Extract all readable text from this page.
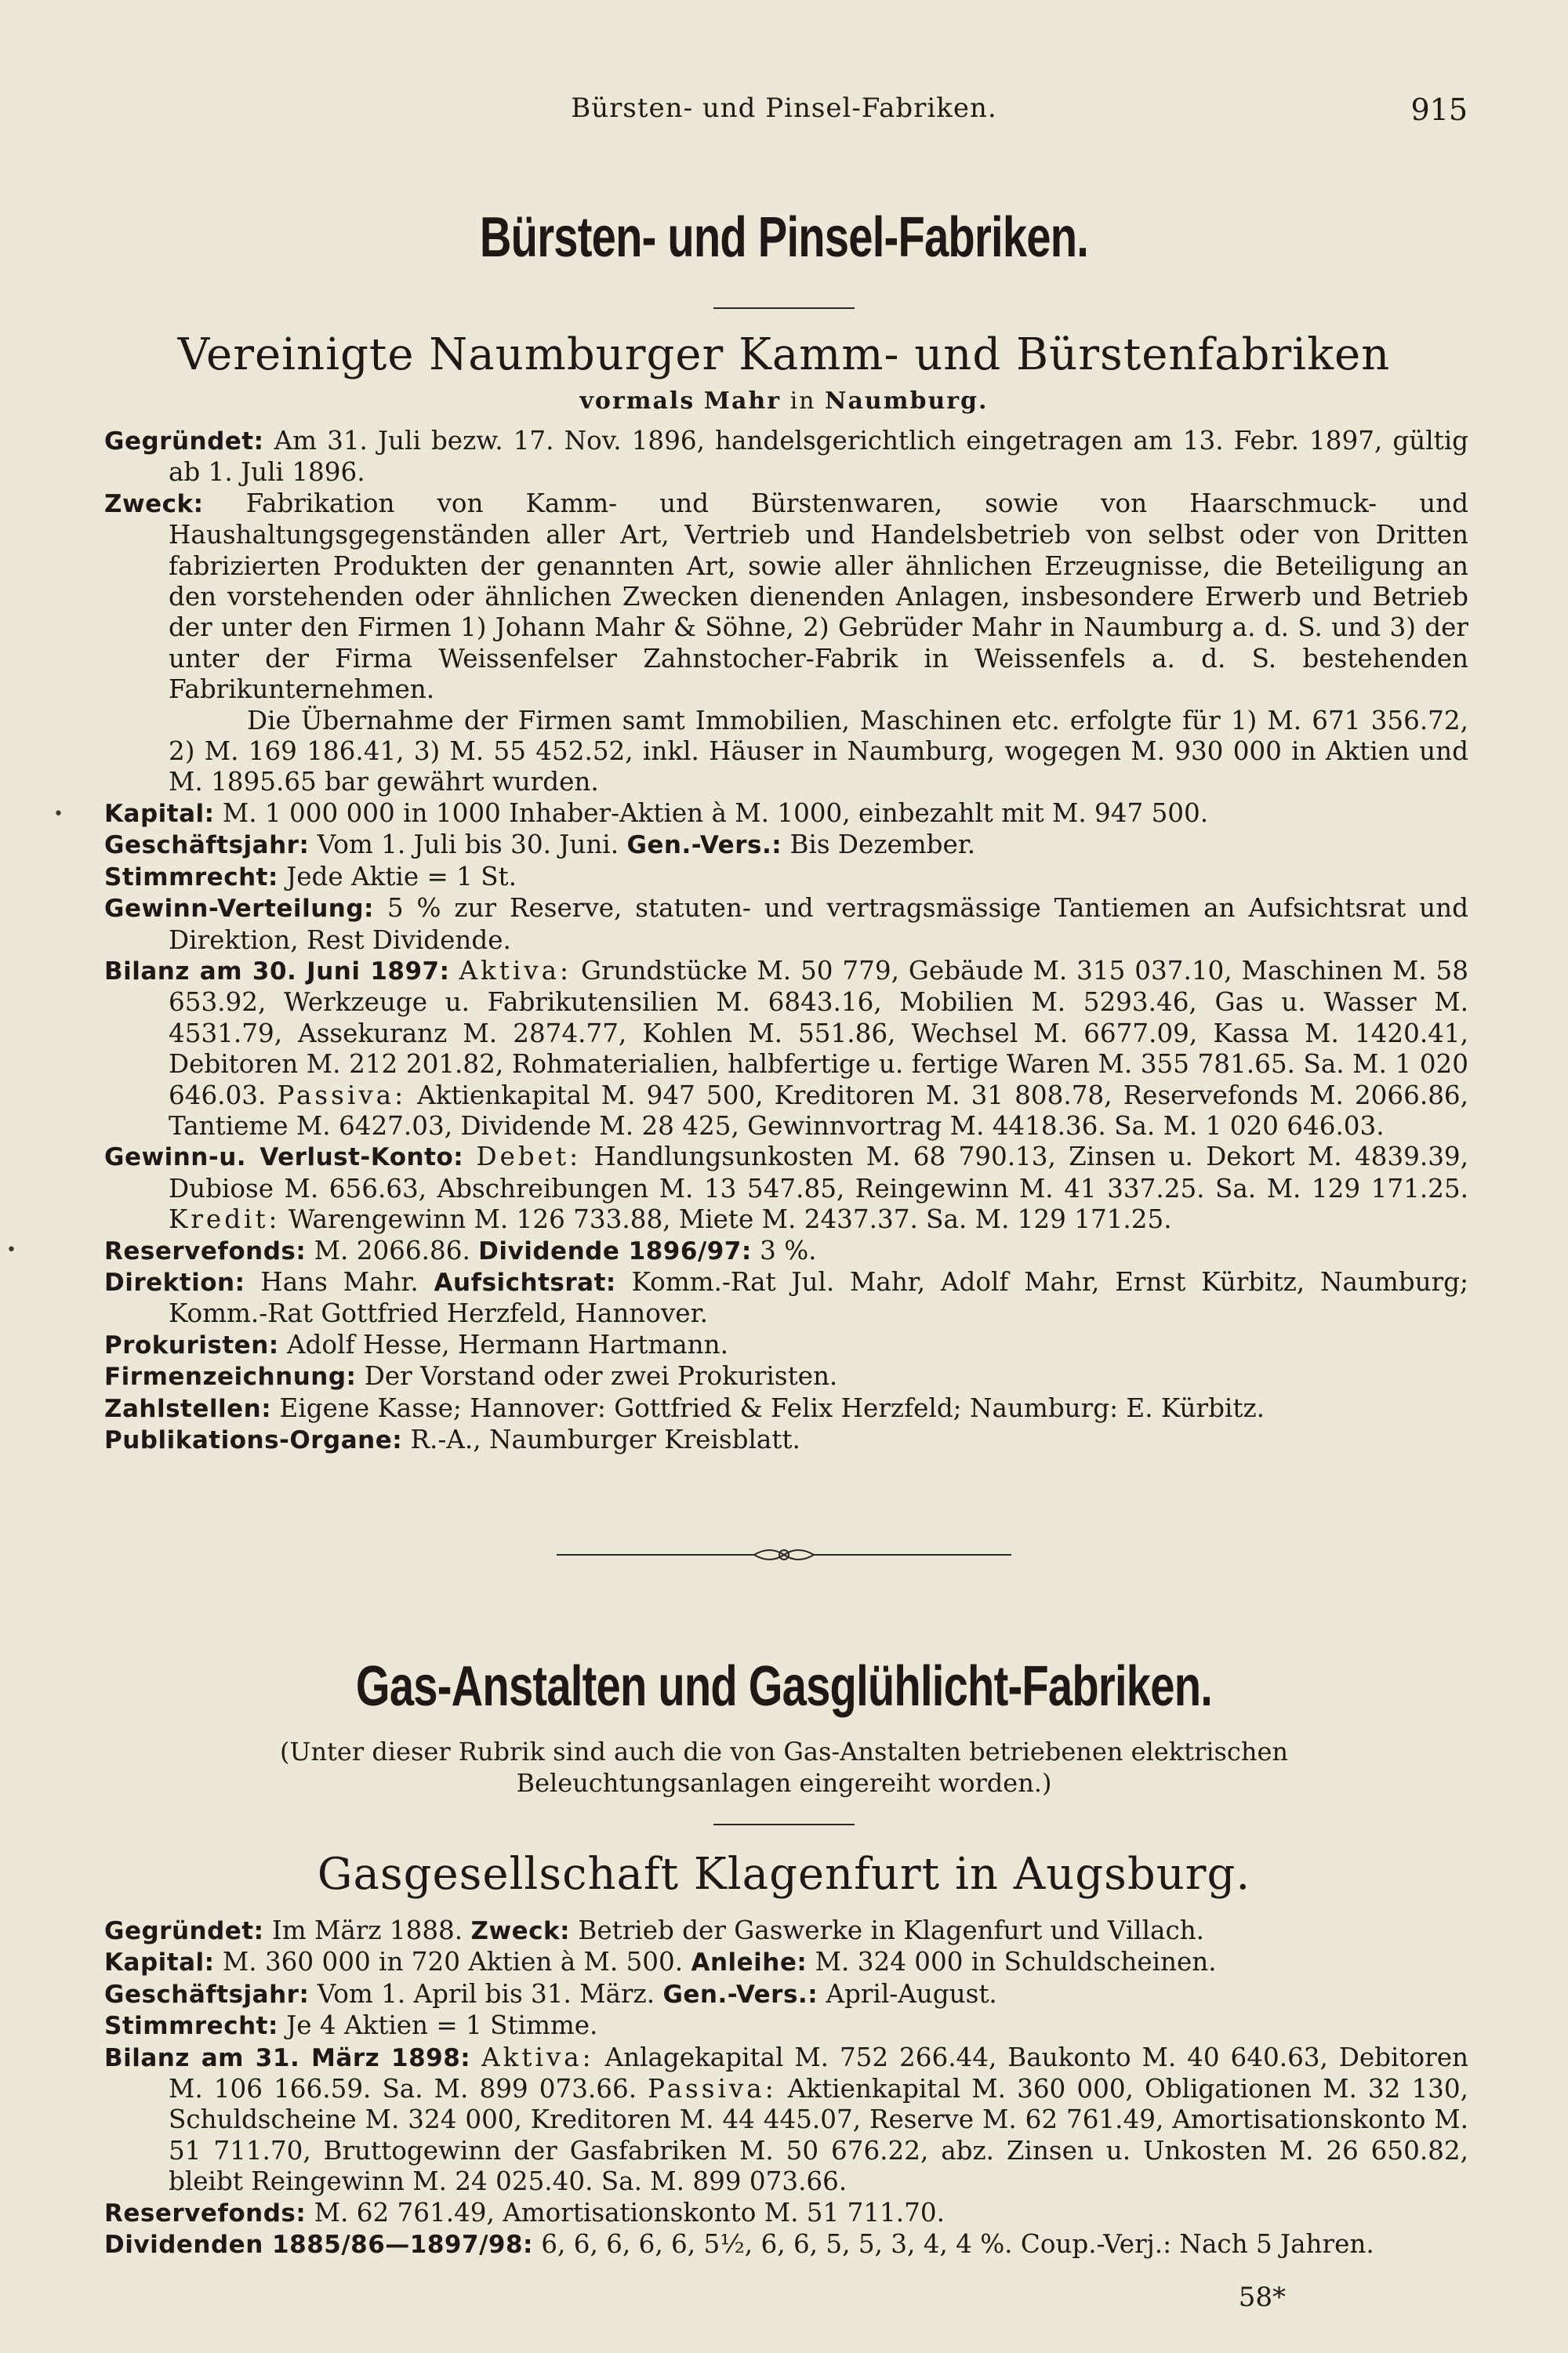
Bürsten- und Pinsel-Fabriken.	915
Bürsten- und Pinsel-Fabriken.
Vereinigte Naumburger Kamm- und Bürstenfabriken
vormals Mahr in Naumburg.

Gegründet: Am 31. Juli bezw. 17. Nov. 1896, handelsgerichtlich eingetragen am 13. Febr. 1897, gültig ab 1. Juli 1896.

Zweck: Fabrikation von Kamm- und Bürstenwaren, sowie von Haarschmuck- und Haushaltungsgegenständen aller Art, Vertrieb und Handelsbetrieb von selbst oder von Dritten fabrizierten Produkten der genannten Art, sowie aller ähnlichen Erzeugnisse, die Beteiligung an den vorstehenden oder ähnlichen Zwecken dienenden Anlagen, insbesondere Erwerb und Betrieb der unter den Firmen 1) Johann Mahr & Söhne, 2) Gebrüder Mahr in Naumburg a. d. S. und 3) der unter der Firma Weissenfelser Zahnstocher-Fabrik in Weissenfels a. d. S. bestehenden Fabrikunternehmen.

Die Übernahme der Firmen samt Immobilien, Maschinen etc. erfolgte für 1) M. 671 356.72, 2) M. 169 186.41, 3) M. 55 452.52, inkl. Häuser in Naumburg, wogegen M. 930 000 in Aktien und M. 1895.65 bar gewährt wurden.

Kapital: M. 1 000 000 in 1000 Inhaber-Aktien à M. 1000, einbezahlt mit M. 947 500.

Geschäftsjahr: Vom 1. Juli bis 30. Juni. Gen.-Vers.: Bis Dezember.

Stimmrecht: Jede Aktie = 1 St.

Gewinn-Verteilung: 5 % zur Reserve, statuten- und vertragsmässige Tantiemen an Aufsichtsrat und Direktion, Rest Dividende.

Bilanz am 30. Juni 1897: Aktiva: Grundstücke M. 50 779, Gebäude M. 315 037.10, Maschinen M. 58 653.92, Werkzeuge u. Fabrikutensilien M. 6843.16, Mobilien M. 5293.46, Gas u. Wasser M. 4531.79, Assekuranz M. 2874.77, Kohlen M. 551.86, Wechsel M. 6677.09, Kassa M. 1420.41, Debitoren M. 212 201.82, Rohmaterialien, halbfertige u. fertige Waren M. 355 781.65. Sa. M. 1 020 646.03. Passiva: Aktienkapital M. 947 500, Kreditoren M. 31 808.78, Reservefonds M. 2066.86, Tantieme M. 6427.03, Dividende M. 28 425, Gewinnvortrag M. 4418.36. Sa. M. 1 020 646.03.

Gewinn-u. Verlust-Konto: Debet: Handlungsunkosten M. 68 790.13, Zinsen u. Dekort M. 4839.39, Dubiose M. 656.63, Abschreibungen M. 13 547.85, Reingewinn M. 41 337.25. Sa. M. 129 171.25. Kredit: Warengewinn M. 126 733.88, Miete M. 2437.37. Sa. M. 129 171.25.

Reservefonds: M. 2066.86. Dividende 1896/97: 3 %.

Direktion: Hans Mahr. Aufsichtsrat: Komm.-Rat Jul. Mahr, Adolf Mahr, Ernst Kürbitz, Naumburg; Komm.-Rat Gottfried Herzfeld, Hannover.

Prokuristen: Adolf Hesse, Hermann Hartmann.

Firmenzeichnung: Der Vorstand oder zwei Prokuristen.

Zahlstellen: Eigene Kasse; Hannover: Gottfried & Felix Herzfeld; Naumburg: E. Kürbitz.

Publikations-Organe: R.-A., Naumburger Kreisblatt.

Gas-Anstalten und Gasglühlicht-Fabriken.
(Unter dieser Rubrik sind auch die von Gas-Anstalten betriebenen elektrischen Beleuchtungsanlagen eingereiht worden.)
Gasgesellschaft Klagenfurt in Augsburg.

Gegründet: Im März 1888. Zweck: Betrieb der Gaswerke in Klagenfurt und Villach.

Kapital: M. 360 000 in 720 Aktien à M. 500. Anleihe: M. 324 000 in Schuldscheinen.

Geschäftsjahr: Vom 1. April bis 31. März. Gen.-Vers.: April-August.

Stimmrecht: Je 4 Aktien = 1 Stimme.

Bilanz am 31. März 1898: Aktiva: Anlagekapital M. 752 266.44, Baukonto M. 40 640.63, Debitoren M. 106 166.59. Sa. M. 899 073.66. Passiva: Aktienkapital M. 360 000, Obligationen M. 32 130, Schuldscheine M. 324 000, Kreditoren M. 44 445.07, Reserve M. 62 761.49, Amortisationskonto M. 51 711.70, Bruttogewinn der Gasfabriken M. 50 676.22, abz. Zinsen u. Unkosten M. 26 650.82, bleibt Reingewinn M. 24 025.40. Sa. M. 899 073.66.

Reservefonds: M. 62 761.49, Amortisationskonto M. 51 711.70.

Dividenden 1885/86—1897/98: 6, 6, 6, 6, 6, 5½, 6, 6, 5, 5, 3, 4, 4 %. Coup.-Verj.: Nach 5 Jahren.

58*
•
•
